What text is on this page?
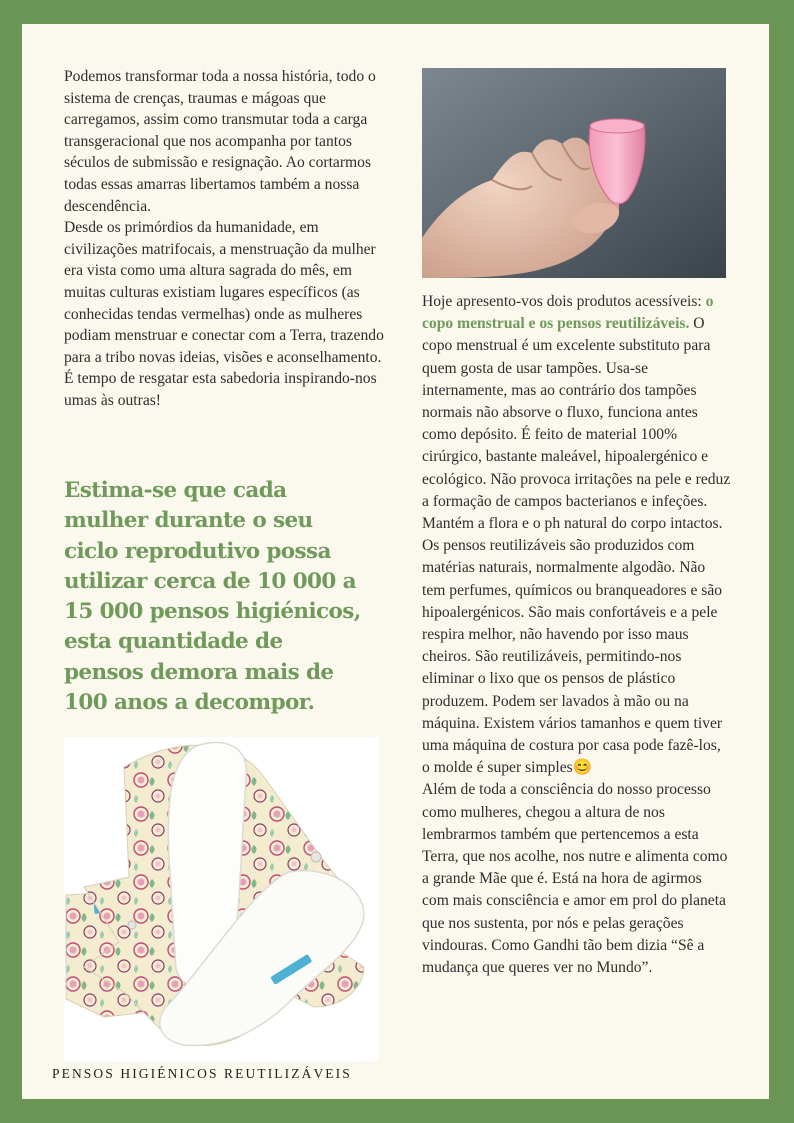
Podemos transformar toda a nossa história, todo o sistema de crenças, traumas e mágoas que carregamos, assim como transmutar toda a carga transgeracional que nos acompanha por tantos séculos de submissão e resignação. Ao cortarmos todas essas amarras libertamos também a nossa descendência.

Desde os primórdios da humanidade, em civilizações matrifocais, a menstruação da mulher era vista como uma altura sagrada do mês, em muitas culturas existiam lugares específicos (as conhecidas tendas vermelhas) onde as mulheres podiam menstruar e conectar com a Terra, trazendo para a tribo novas ideias, visões e aconselhamento. É tempo de resgatar esta sabedoria inspirando-nos umas às outras!

Estima-se que cada mulher durante o seu ciclo reprodutivo possa utilizar cerca de 10 000 a 15 000 pensos higiénicos, esta quantidade de pensos demora mais de 100 anos a decompor.
PENSOS HIGIÉNICOS REUTILIZÁVEIS

Hoje apresento-vos dois produtos acessíveis: o copo menstrual e os pensos reutilizáveis. O copo menstrual é um excelente substituto para quem gosta de usar tampões. Usa-se internamente, mas ao contrário dos tampões normais não absorve o fluxo, funciona antes como depósito. É feito de material 100% cirúrgico, bastante maleável, hipoalergénico e ecológico. Não provoca irritações na pele e reduz a formação de campos bacterianos e infeções. Mantém a flora e o ph natural do corpo intactos. Os pensos reutilizáveis são produzidos com matérias naturais, normalmente algodão. Não tem perfumes, químicos ou branqueadores e são hipoalergénicos. São mais confortáveis e a pele respira melhor, não havendo por isso maus cheiros. São reutilizáveis, permitindo-nos eliminar o lixo que os pensos de plástico produzem. Podem ser lavados à mão ou na máquina. Existem vários tamanhos e quem tiver uma máquina de costura por casa pode fazê-los, o molde é super simples😊

Além de toda a consciência do nosso processo como mulheres, chegou a altura de nos lembrarmos também que pertencemos a esta Terra, que nos acolhe, nos nutre e alimenta como a grande Mãe que é. Está na hora de agirmos com mais consciência e amor em prol do planeta que nos sustenta, por nós e pelas gerações vindouras. Como Gandhi tão bem dizia “Sê a mudança que queres ver no Mundo”.
